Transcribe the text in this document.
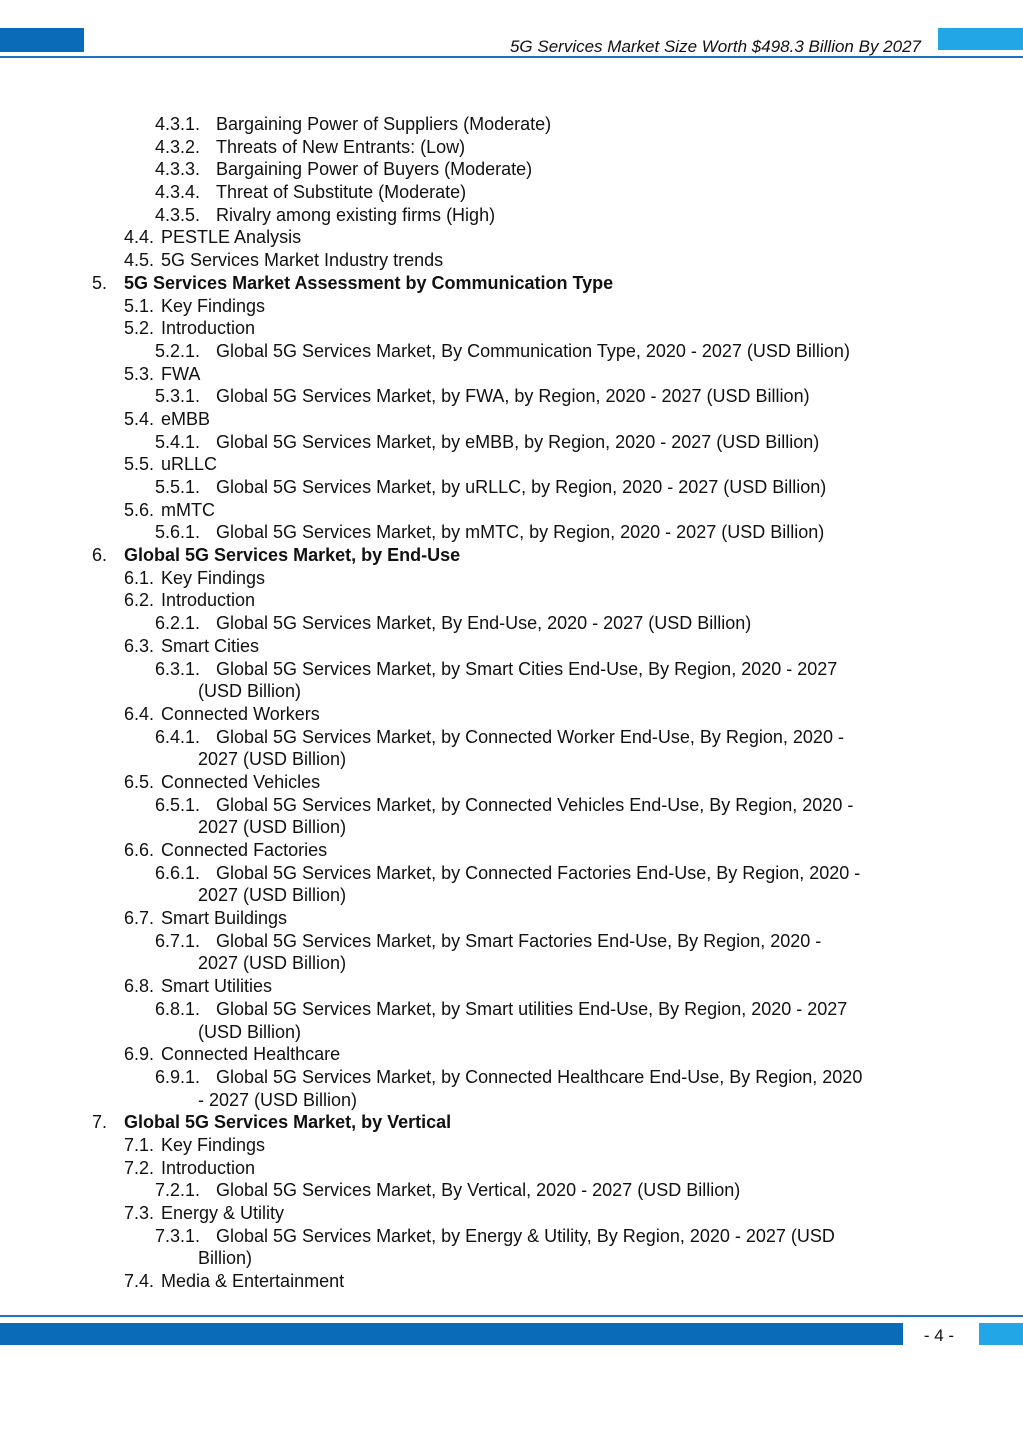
5G Services Market Size Worth $498.3 Billion By 2027
4.3.1. Bargaining Power of Suppliers (Moderate)
4.3.2. Threats of New Entrants: (Low)
4.3.3. Bargaining Power of Buyers (Moderate)
4.3.4. Threat of Substitute (Moderate)
4.3.5. Rivalry among existing firms (High)
4.4. PESTLE Analysis
4.5. 5G Services Market Industry trends
5. 5G Services Market Assessment by Communication Type
5.1. Key Findings
5.2. Introduction
5.2.1. Global 5G Services Market, By Communication Type, 2020 - 2027 (USD Billion)
5.3. FWA
5.3.1. Global 5G Services Market, by FWA, by Region, 2020 - 2027 (USD Billion)
5.4. eMBB
5.4.1. Global 5G Services Market, by eMBB, by Region, 2020 - 2027 (USD Billion)
5.5. uRLLC
5.5.1. Global 5G Services Market, by uRLLC, by Region, 2020 - 2027 (USD Billion)
5.6. mMTC
5.6.1. Global 5G Services Market, by mMTC, by Region, 2020 - 2027 (USD Billion)
6. Global 5G Services Market, by End-Use
6.1. Key Findings
6.2. Introduction
6.2.1. Global 5G Services Market, By End-Use, 2020 - 2027 (USD Billion)
6.3. Smart Cities
6.3.1. Global 5G Services Market, by Smart Cities End-Use, By Region, 2020 - 2027
(USD Billion)
6.4. Connected Workers
6.4.1. Global 5G Services Market, by Connected Worker End-Use, By Region, 2020 -
2027 (USD Billion)
6.5. Connected Vehicles
6.5.1. Global 5G Services Market, by Connected Vehicles End-Use, By Region, 2020 -
2027 (USD Billion)
6.6. Connected Factories
6.6.1. Global 5G Services Market, by Connected Factories End-Use, By Region, 2020 -
2027 (USD Billion)
6.7. Smart Buildings
6.7.1. Global 5G Services Market, by Smart Factories End-Use, By Region, 2020 -
2027 (USD Billion)
6.8. Smart Utilities
6.8.1. Global 5G Services Market, by Smart utilities End-Use, By Region, 2020 - 2027
(USD Billion)
6.9. Connected Healthcare
6.9.1. Global 5G Services Market, by Connected Healthcare End-Use, By Region, 2020
- 2027 (USD Billion)
7. Global 5G Services Market, by Vertical
7.1. Key Findings
7.2. Introduction
7.2.1. Global 5G Services Market, By Vertical, 2020 - 2027 (USD Billion)
7.3. Energy & Utility
7.3.1. Global 5G Services Market, by Energy & Utility, By Region, 2020 - 2027 (USD
Billion)
7.4. Media & Entertainment
- 4 -
